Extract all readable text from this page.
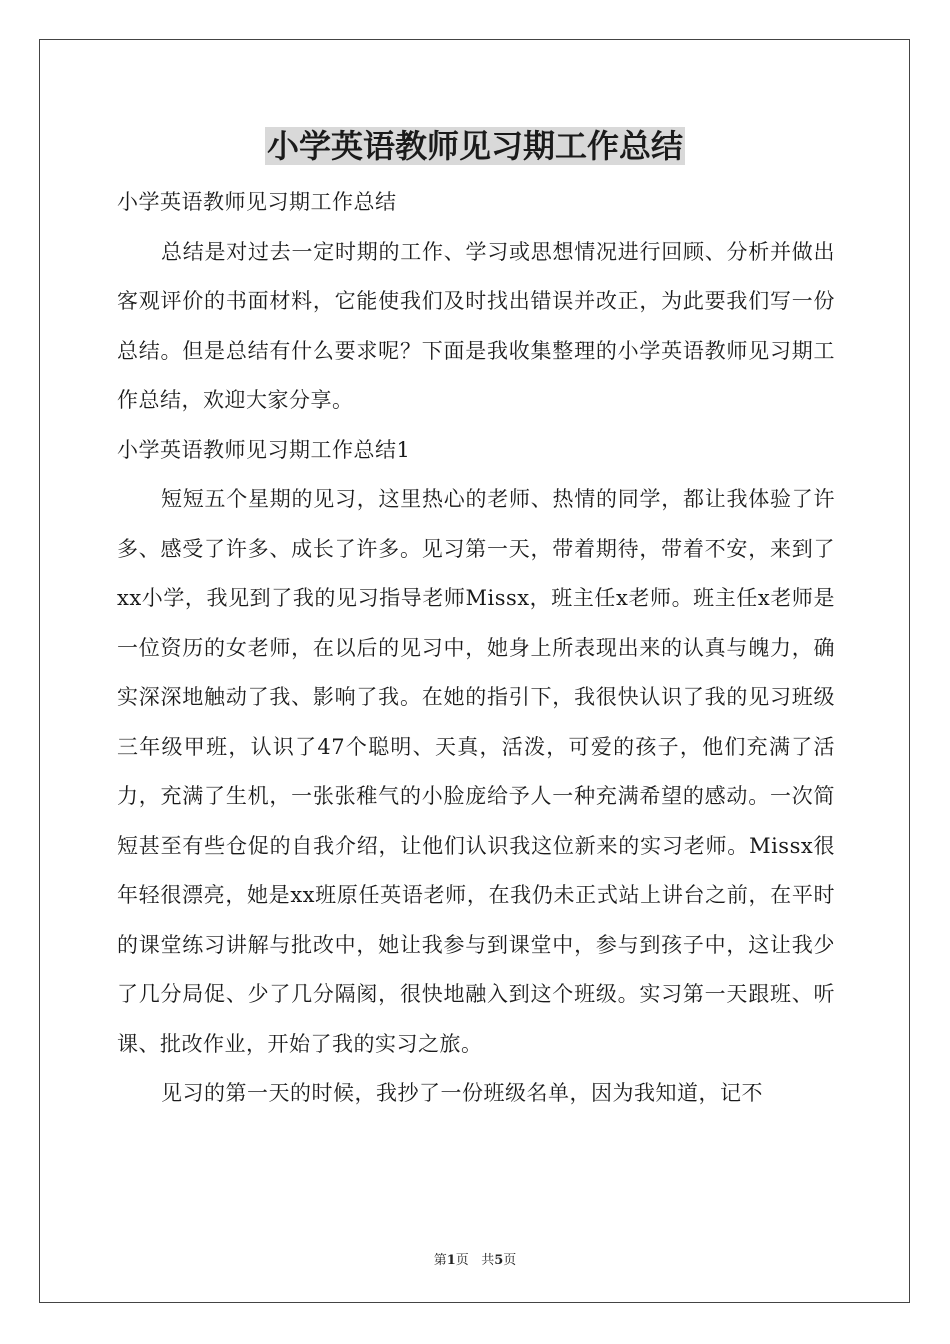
小学英语教师见习期工作总结

小学英语教师见习期工作总结

总结是对过去一定时期的工作、学习或思想情况进行回顾、分析并做出客观评价的书面材料，它能使我们及时找出错误并改正，为此要我们写一份总结。但是总结有什么要求呢？下面是我收集整理的小学英语教师见习期工作总结，欢迎大家分享。

小学英语教师见习期工作总结1

短短五个星期的见习，这里热心的老师、热情的同学，都让我体验了许多、感受了许多、成长了许多。见习第一天，带着期待，带着不安，来到了xx小学，我见到了我的见习指导老师Missx，班主任x老师。班主任x老师是一位资历的女老师，在以后的见习中，她身上所表现出来的认真与魄力，确实深深地触动了我、影响了我。在她的指引下，我很快认识了我的见习班级三年级甲班，认识了47个聪明、天真，活泼，可爱的孩子，他们充满了活力，充满了生机，一张张稚气的小脸庞给予人一种充满希望的感动。一次简短甚至有些仓促的自我介绍，让他们认识我这位新来的实习老师。Missx很年轻很漂亮，她是xx班原任英语老师，在我仍未正式站上讲台之前，在平时的课堂练习讲解与批改中，她让我参与到课堂中，参与到孩子中，这让我少了几分局促、少了几分隔阂，很快地融入到这个班级。实习第一天跟班、听课、批改作业，开始了我的实习之旅。

见习的第一天的时候，我抄了一份班级名单，因为我知道，记不

第1页 共5页
